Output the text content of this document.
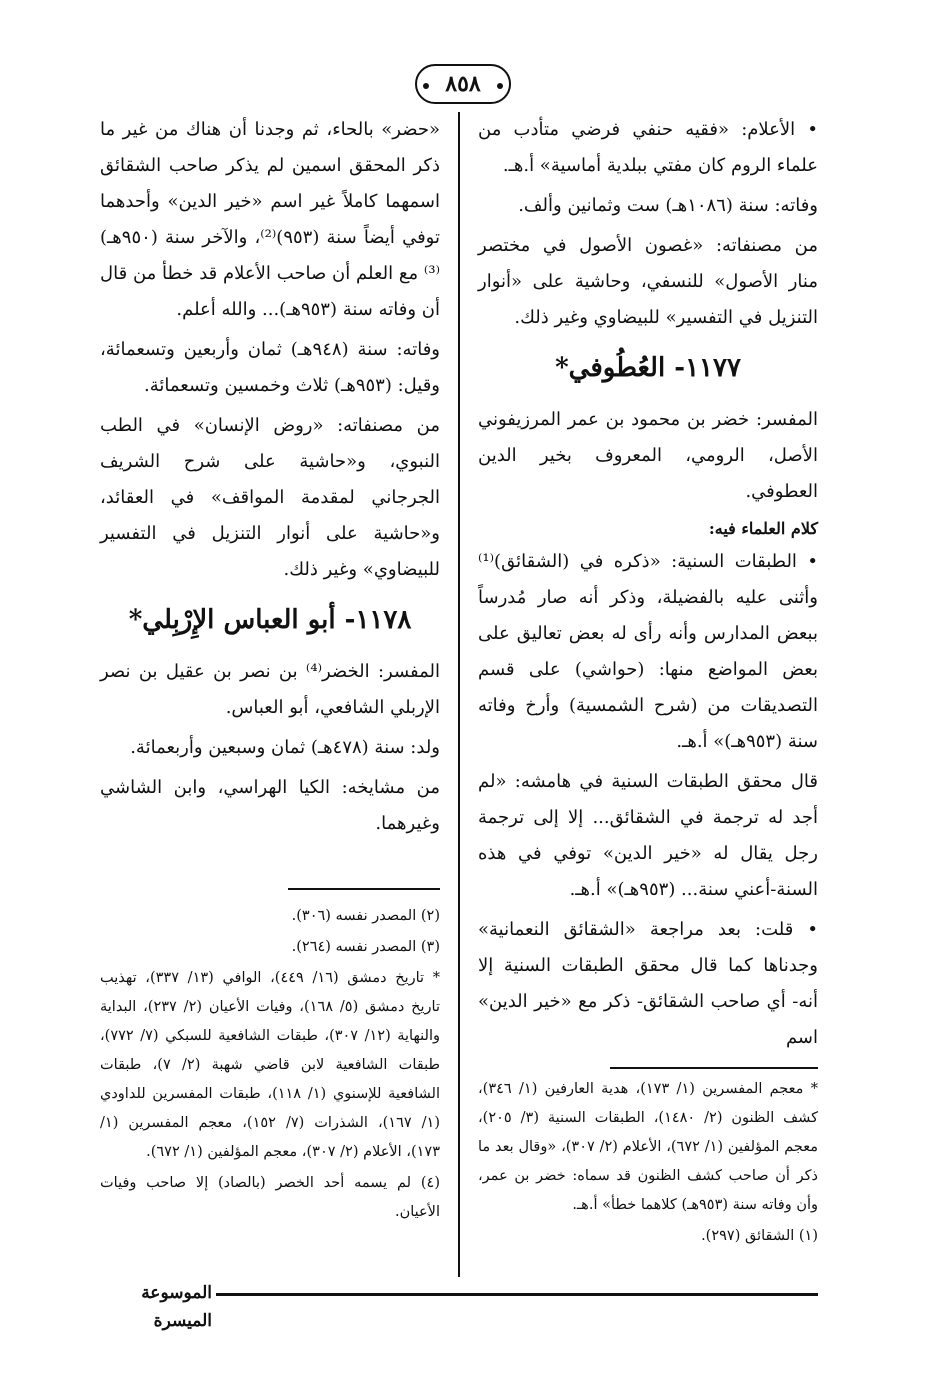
٨٥٨

• الأعلام: «فقيه حنفي فرضي متأدب من علماء الروم كان مفتي ببلدية أماسية» أ.هـ.

وفاته: سنة (١٠٨٦هـ) ست وثمانين وألف.

من مصنفاته: «غصون الأصول في مختصر منار الأصول» للنسفي، وحاشية على «أنوار التنزيل في التفسير» للبيضاوي وغير ذلك.

١١٧٧- العُطُوفي*

المفسر: خضر بن محمود بن عمر المرزيفوني الأصل، الرومي، المعروف بخير الدين العطوفي.

كلام العلماء فيه:

• الطبقات السنية: «ذكره في (الشقائق)⁽¹⁾ وأثنى عليه بالفضيلة، وذكر أنه صار مُدرساً ببعض المدارس وأنه رأى له بعض تعاليق على بعض المواضع منها: (حواشي) على قسم التصديقات من (شرح الشمسية) وأرخ وفاته سنة (٩٥٣هـ)» أ.هـ.

قال محقق الطبقات السنية في هامشه: «لم أجد له ترجمة في الشقائق... إلا إلى ترجمة رجل يقال له «خير الدين» توفي في هذه السنة-أعني سنة... (٩٥٣هـ)» أ.هـ.

• قلت: بعد مراجعة «الشقائق النعمانية» وجدناها كما قال محقق الطبقات السنية إلا أنه- أي صاحب الشقائق- ذكر مع «خير الدين» اسم

«حضر» بالحاء، ثم وجدنا أن هناك من غير ما ذكر المحقق اسمين لم يذكر صاحب الشقائق اسمهما كاملاً غير اسم «خير الدين» وأحدهما توفي أيضاً سنة (٩٥٣)⁽²⁾، والآخر سنة (٩٥٠هـ)⁽³⁾ مع العلم أن صاحب الأعلام قد خطأ من قال أن وفاته سنة (٩٥٣هـ)... والله أعلم.

وفاته: سنة (٩٤٨هـ) ثمان وأربعين وتسعمائة، وقيل: (٩٥٣هـ) ثلاث وخمسين وتسعمائة.

من مصنفاته: «روض الإنسان» في الطب النبوي، و«حاشية على شرح الشريف الجرجاني لمقدمة المواقف» في العقائد، و«حاشية على أنوار التنزيل في التفسير للبيضاوي» وغير ذلك.

١١٧٨- أبو العباس الإِرْبِلي*

المفسر: الخضر⁽⁴⁾ بن نصر بن عقيل بن نصر الإربلي الشافعي، أبو العباس.

ولد: سنة (٤٧٨هـ) ثمان وسبعين وأربعمائة.

من مشايخه: الكيا الهراسي، وابن الشاشي وغيرهما.

* معجم المفسرين (١/ ١٧٣)، هدية العارفين (١/ ٣٤٦)، كشف الظنون (٢/ ١٤٨٠)، الطبقات السنية (٣/ ٢٠٥)، معجم المؤلفين (١/ ٦٧٢)، الأعلام (٢/ ٣٠٧)، «وقال بعد ما ذكر أن صاحب كشف الظنون قد سماه: خضر بن عمر، وأن وفاته سنة (٩٥٣هـ) كلاهما خطأ» أ.هـ.

(١) الشقائق (٢٩٧).

(٢) المصدر نفسه (٣٠٦).

(٣) المصدر نفسه (٢٦٤).

* تاريخ دمشق (١٦/ ٤٤٩)، الوافي (١٣/ ٣٣٧)، تهذيب تاريخ دمشق (٥/ ١٦٨)، وفيات الأعيان (٢/ ٢٣٧)، البداية والنهاية (١٢/ ٣٠٧)، طبقات الشافعية للسبكي (٧/ ٧٧٢)، طبقات الشافعية لابن قاضي شهبة (٢/ ٧)، طبقات الشافعية للإسنوي (١/ ١١٨)، طبقات المفسرين للداودي (١/ ١٦٧)، الشذرات (٧/ ١٥٢)، معجم المفسرين (١/ ١٧٣)، الأعلام (٢/ ٣٠٧)، معجم المؤلفين (١/ ٦٧٢).

(٤) لم يسمه أحد الخصر (بالصاد) إلا صاحب وفيات الأعيان.

الموسوعة الميسرة
